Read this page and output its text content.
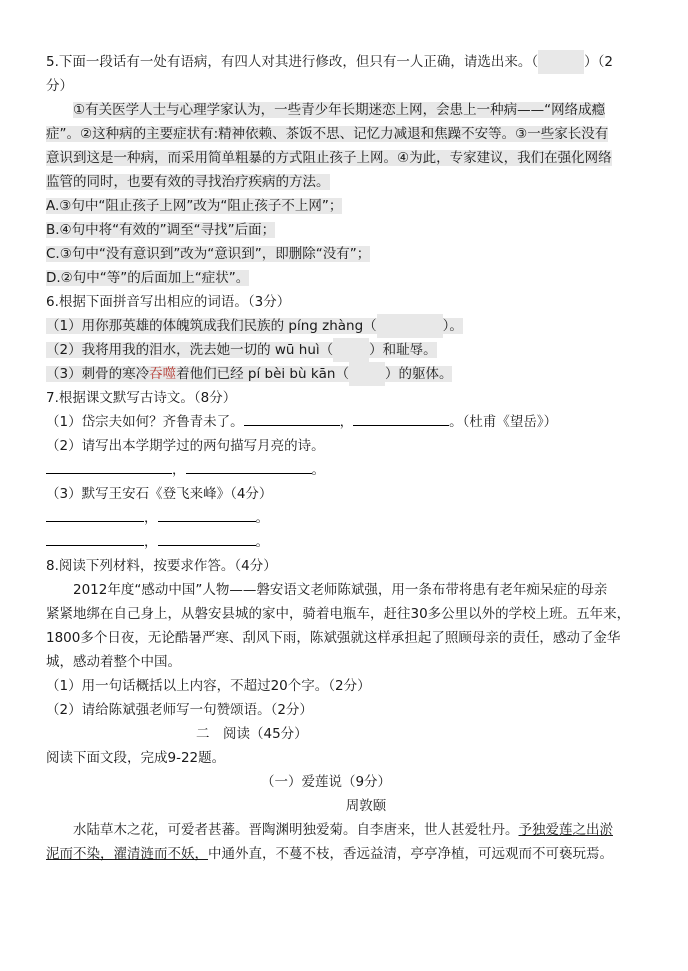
5.下面一段话有一处有语病，有四人对其进行修改，但只有一人正确，请选出来。（	）（2
分）
①有关医学人士与心理学家认为，一些青少年长期迷恋上网，会患上一种病——“网络成瘾
症”。②这种病的主要症状有:精神依赖、茶饭不思、记忆力减退和焦躁不安等。③一些家长没有
意识到这是一种病，而采用简单粗暴的方式阻止孩子上网。④为此，专家建议，我们在强化网络
监管的同时，也要有效的寻找治疗疾病的方法。
A.③句中“阻止孩子上网”改为“阻止孩子不上网”；
B.④句中将“有效的”调至“寻找”后面；
C.③句中“没有意识到”改为“意识到”，即删除“没有”；
D.②句中“等”的后面加上“症状”。
6.根据下面拼音写出相应的词语。（3分）
（1）用你那英雄的体魄筑成我们民族的 píng zhàng（	）。
（2）我将用我的泪水，洗去她一切的 wū huì（	）和耻辱。
（3）刺骨的寒冷吞噬着他们已经 pí bèi bù kān（	）的躯体。
7.根据课文默写古诗文。（8分）
（1）岱宗夫如何？齐鲁青未了。	，	。（杜甫《望岳》）
（2）请写出本学期学过的两句描写月亮的诗。
，	。
（3）默写王安石《登飞来峰》（4分）
，	。
，	。
8.阅读下列材料，按要求作答。（4分）
2012年度“感动中国”人物——磐安语文老师陈斌强，用一条布带将患有老年痴呆症的母亲
紧紧地绑在自己身上，从磐安县城的家中，骑着电瓶车，赶往30多公里以外的学校上班。五年来，
1800多个日夜，无论酷暑严寒、刮风下雨，陈斌强就这样承担起了照顾母亲的责任，感动了金华
城，感动着整个中国。
（1）用一句话概括以上内容，不超过20个字。（2分）
（2）请给陈斌强老师写一句赞颂语。（2分）
二　阅读（45分）
阅读下面文段，完成9-22题。
（一）爱莲说（9分）
周敦颐
水陆草木之花，可爱者甚蕃。晋陶渊明独爱菊。自李唐来，世人甚爱牡丹。予独爱莲之出淤
泥而不染，濯清涟而不妖，中通外直，不蔓不枝，香远益清，亭亭净植，可远观而不可亵玩焉。
